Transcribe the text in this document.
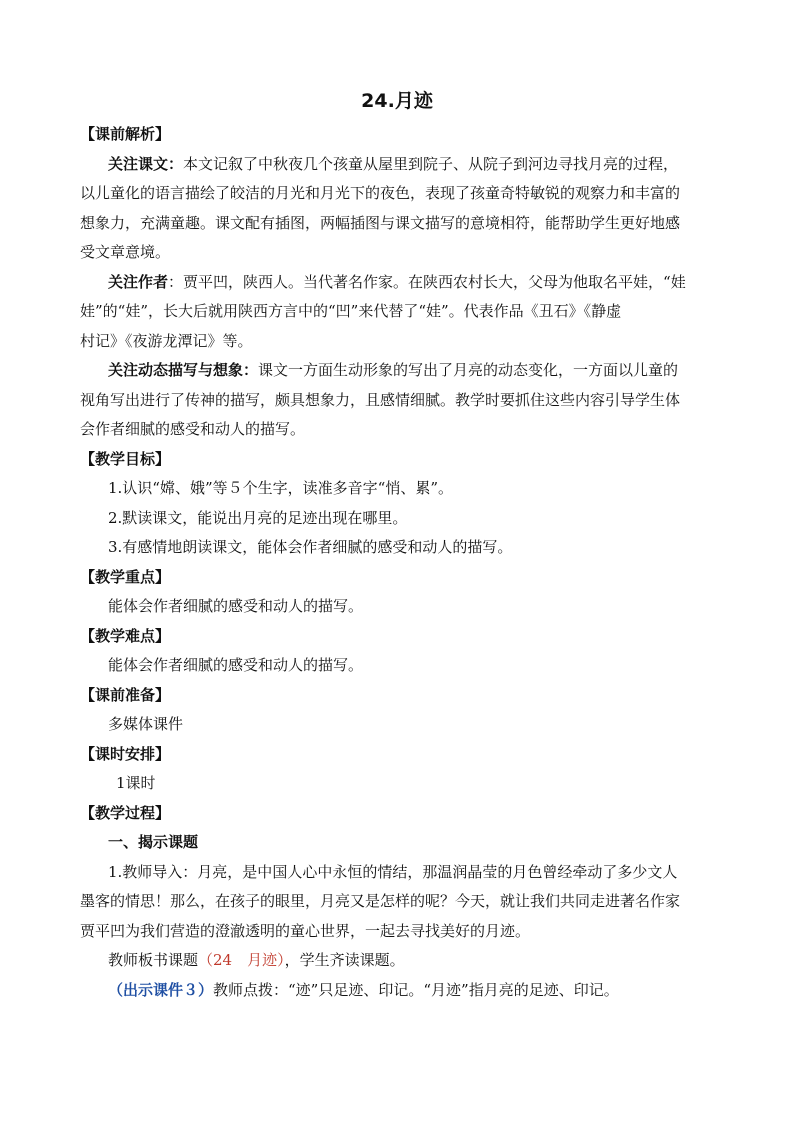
24.月迹
【课前解析】
关注课文：本文记叙了中秋夜几个孩童从屋里到院子、从院子到河边寻找月亮的过程，
以儿童化的语言描绘了皎洁的月光和月光下的夜色，表现了孩童奇特敏锐的观察力和丰富的
想象力，充满童趣。课文配有插图，两幅插图与课文描写的意境相符，能帮助学生更好地感
受文章意境。
关注作者：贾平凹，陕西人。当代著名作家。在陕西农村长大，父母为他取名平娃，“娃
娃”的“娃”，长大后就用陕西方言中的“凹”来代替了“娃”。代表作品《丑石》《静虚
村记》《夜游龙潭记》等。
关注动态描写与想象：课文一方面生动形象的写出了月亮的动态变化，一方面以儿童的
视角写出进行了传神的描写，颇具想象力，且感情细腻。教学时要抓住这些内容引导学生体
会作者细腻的感受和动人的描写。
【教学目标】
1.认识“嫦、娥”等５个生字，读准多音字“悄、累”。
2.默读课文，能说出月亮的足迹出现在哪里。
3.有感情地朗读课文，能体会作者细腻的感受和动人的描写。
【教学重点】
能体会作者细腻的感受和动人的描写。
【教学难点】
能体会作者细腻的感受和动人的描写。
【课前准备】
多媒体课件
【课时安排】
1课时
【教学过程】
一、揭示课题
1.教师导入：月亮，是中国人心中永恒的情结，那温润晶莹的月色曾经牵动了多少文人
墨客的情思！那么，在孩子的眼里，月亮又是怎样的呢？今天，就让我们共同走进著名作家
贾平凹为我们营造的澄澈透明的童心世界，一起去寻找美好的月迹。
教师板书课题（24　月迹），学生齐读课题。
（出示课件３）教师点拨：“迹”只足迹、印记。“月迹”指月亮的足迹、印记。
